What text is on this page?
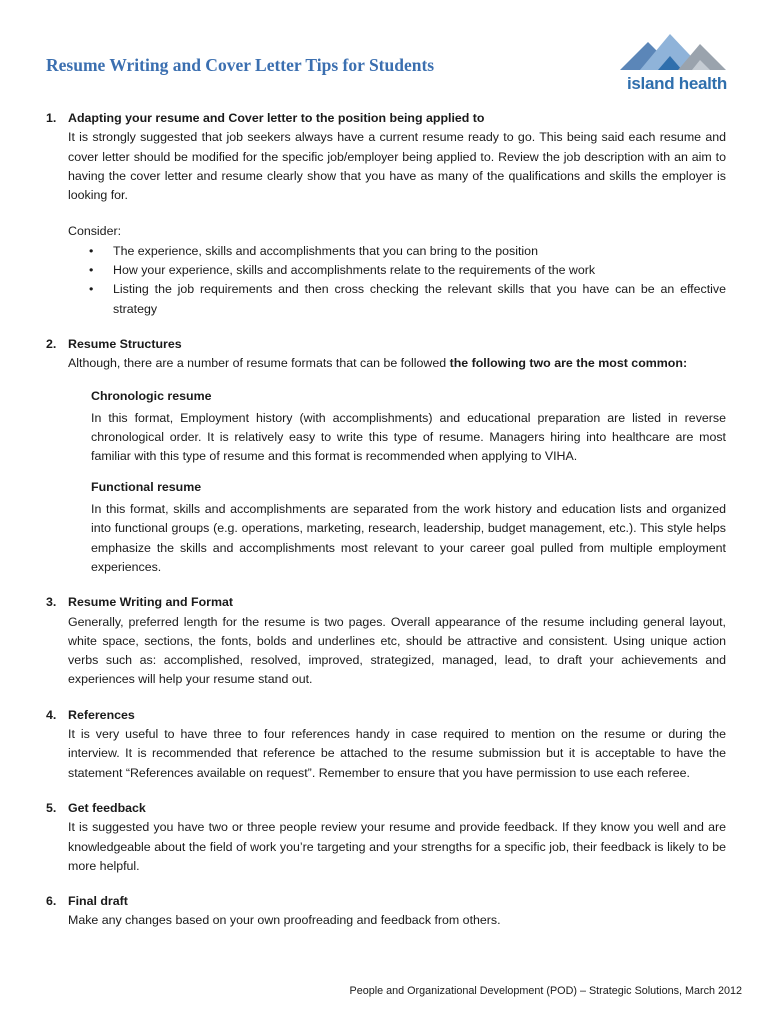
Resume Writing and Cover Letter Tips for Students
island health
1. Adapting your resume and Cover letter to the position being applied to

It is strongly suggested that job seekers always have a current resume ready to go. This being said each resume and cover letter should be modified for the specific job/employer being applied to. Review the job description with an aim to having the cover letter and resume clearly show that you have as many of the qualifications and skills the employer is looking for.

Consider:

• The experience, skills and accomplishments that you can bring to the position
• How your experience, skills and accomplishments relate to the requirements of the work
• Listing the job requirements and then cross checking the relevant skills that you have can be an effective strategy
2. Resume Structures

Although, there are a number of resume formats that can be followed the following two are the most common:

Chronologic resume

In this format, Employment history (with accomplishments) and educational preparation are listed in reverse chronological order. It is relatively easy to write this type of resume. Managers hiring into healthcare are most familiar with this type of resume and this format is recommended when applying to VIHA.

Functional resume

In this format, skills and accomplishments are separated from the work history and education lists and organized into functional groups (e.g. operations, marketing, research, leadership, budget management, etc.). This style helps emphasize the skills and accomplishments most relevant to your career goal pulled from multiple employment experiences.

3. Resume Writing and Format

Generally, preferred length for the resume is two pages. Overall appearance of the resume including general layout, white space, sections, the fonts, bolds and underlines etc, should be attractive and consistent. Using unique action verbs such as: accomplished, resolved, improved, strategized, managed, lead, to draft your achievements and experiences will help your resume stand out.

4. References

It is very useful to have three to four references handy in case required to mention on the resume or during the interview. It is recommended that reference be attached to the resume submission but it is acceptable to have the statement “References available on request”. Remember to ensure that you have permission to use each referee.

5. Get feedback

It is suggested you have two or three people review your resume and provide feedback. If they know you well and are knowledgeable about the field of work you’re targeting and your strengths for a specific job, their feedback is likely to be more helpful.

6. Final draft

Make any changes based on your own proofreading and feedback from others.

People and Organizational Development (POD) – Strategic Solutions, March 2012
